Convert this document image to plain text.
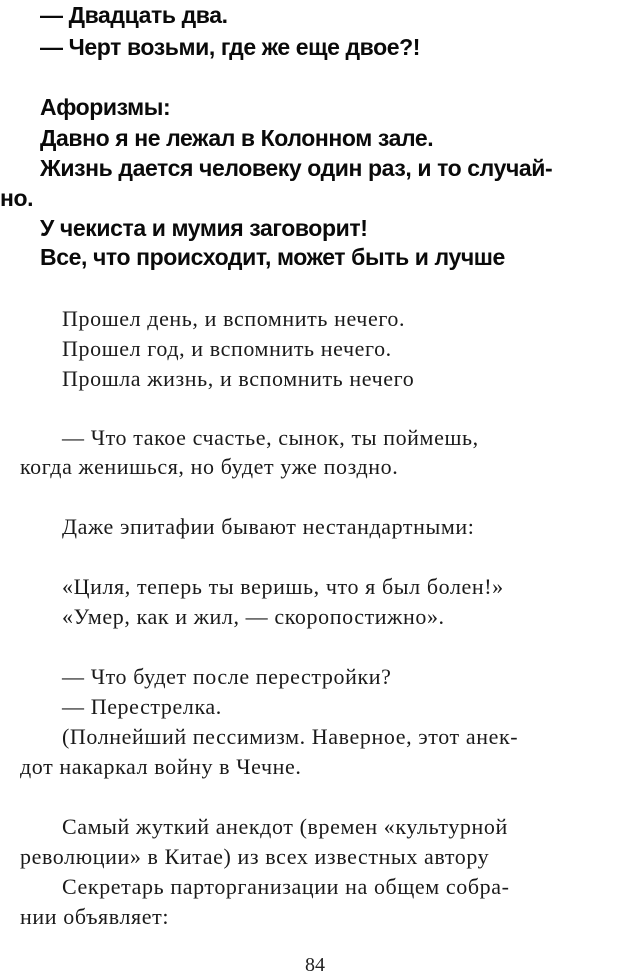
— Двадцать два.
— Черт возьми, где же еще двое?!
Афоризмы:
Давно я не лежал в Колонном зале.
Жизнь дается человеку один раз, и то случай-
но.
У чекиста и мумия заговорит!
Все, что происходит, может быть и лучше
Прошел день, и вспомнить нечего.
Прошел год, и вспомнить нечего.
Прошла жизнь, и вспомнить нечего
— Что такое счастье, сынок, ты поймешь,
когда женишься, но будет уже поздно.
Даже эпитафии бывают нестандартными:
«Циля, теперь ты веришь, что я был болен!»
«Умер, как и жил, — скоропостижно».
— Что будет после перестройки?
— Перестрелка.
(Полнейший пессимизм. Наверное, этот анек-
дот накаркал войну в Чечне.
Самый жуткий анекдот (времен «культурной
революции» в Китае) из всех известных автору
Секретарь парторганизации на общем собра-
нии объявляет:
84
